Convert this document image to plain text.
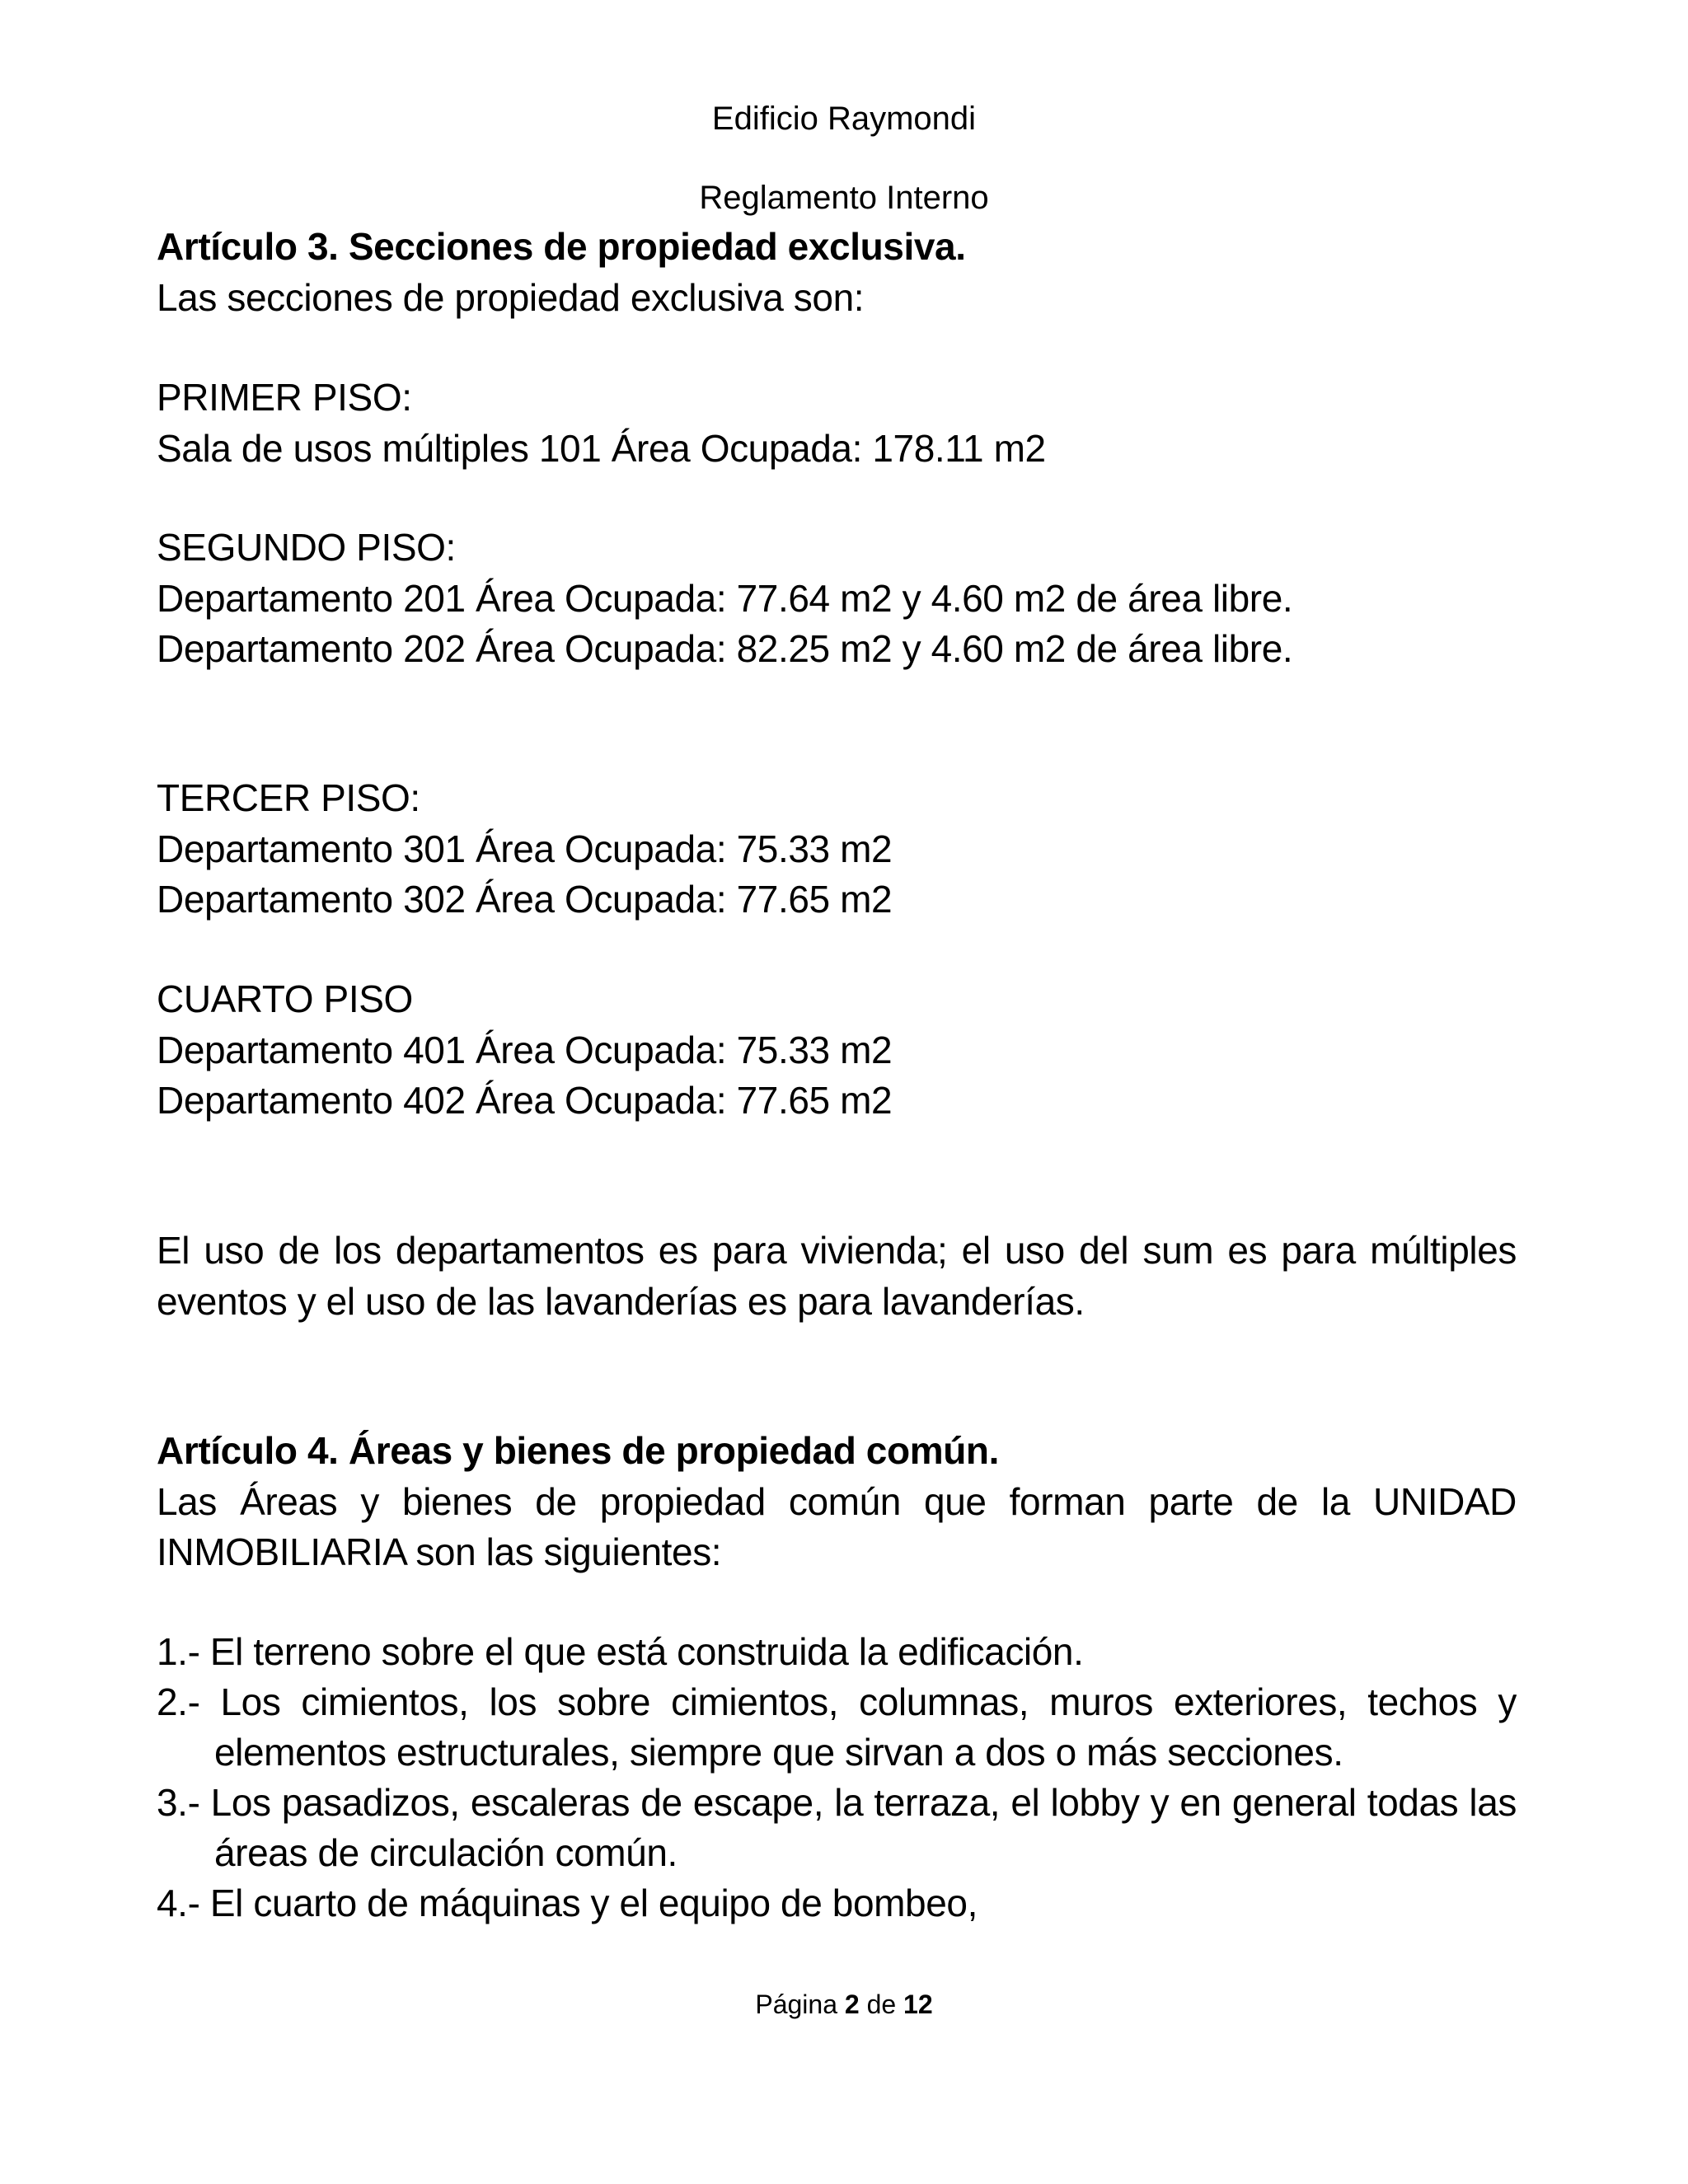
Edificio Raymondi
Reglamento Interno
Artículo 3. Secciones de propiedad exclusiva.
Las secciones de propiedad exclusiva son:
PRIMER PISO:
Sala de usos múltiples 101 Área Ocupada: 178.11 m2
SEGUNDO PISO:
Departamento 201 Área Ocupada: 77.64 m2 y 4.60 m2 de área libre.
Departamento 202 Área Ocupada: 82.25 m2 y 4.60 m2 de área libre.
TERCER PISO:
Departamento 301 Área Ocupada: 75.33 m2
Departamento 302 Área Ocupada: 77.65 m2
CUARTO PISO
Departamento 401 Área Ocupada: 75.33 m2
Departamento 402 Área Ocupada: 77.65 m2
El uso de los departamentos es para vivienda; el uso del sum es para múltiples
eventos y el uso de las lavanderías es para lavanderías.
Artículo 4. Áreas y bienes de propiedad común.
Las Áreas y bienes de propiedad común que forman parte de la UNIDAD
INMOBILIARIA son las siguientes:
1.- El terreno sobre el que está construida la edificación.
2.- Los cimientos, los sobre cimientos, columnas, muros exteriores, techos y
elementos estructurales, siempre que sirvan a dos o más secciones.
3.- Los pasadizos, escaleras de escape, la terraza, el lobby y en general todas las
áreas de circulación común.
4.- El cuarto de máquinas y el equipo de bombeo,
Página 2 de 12
